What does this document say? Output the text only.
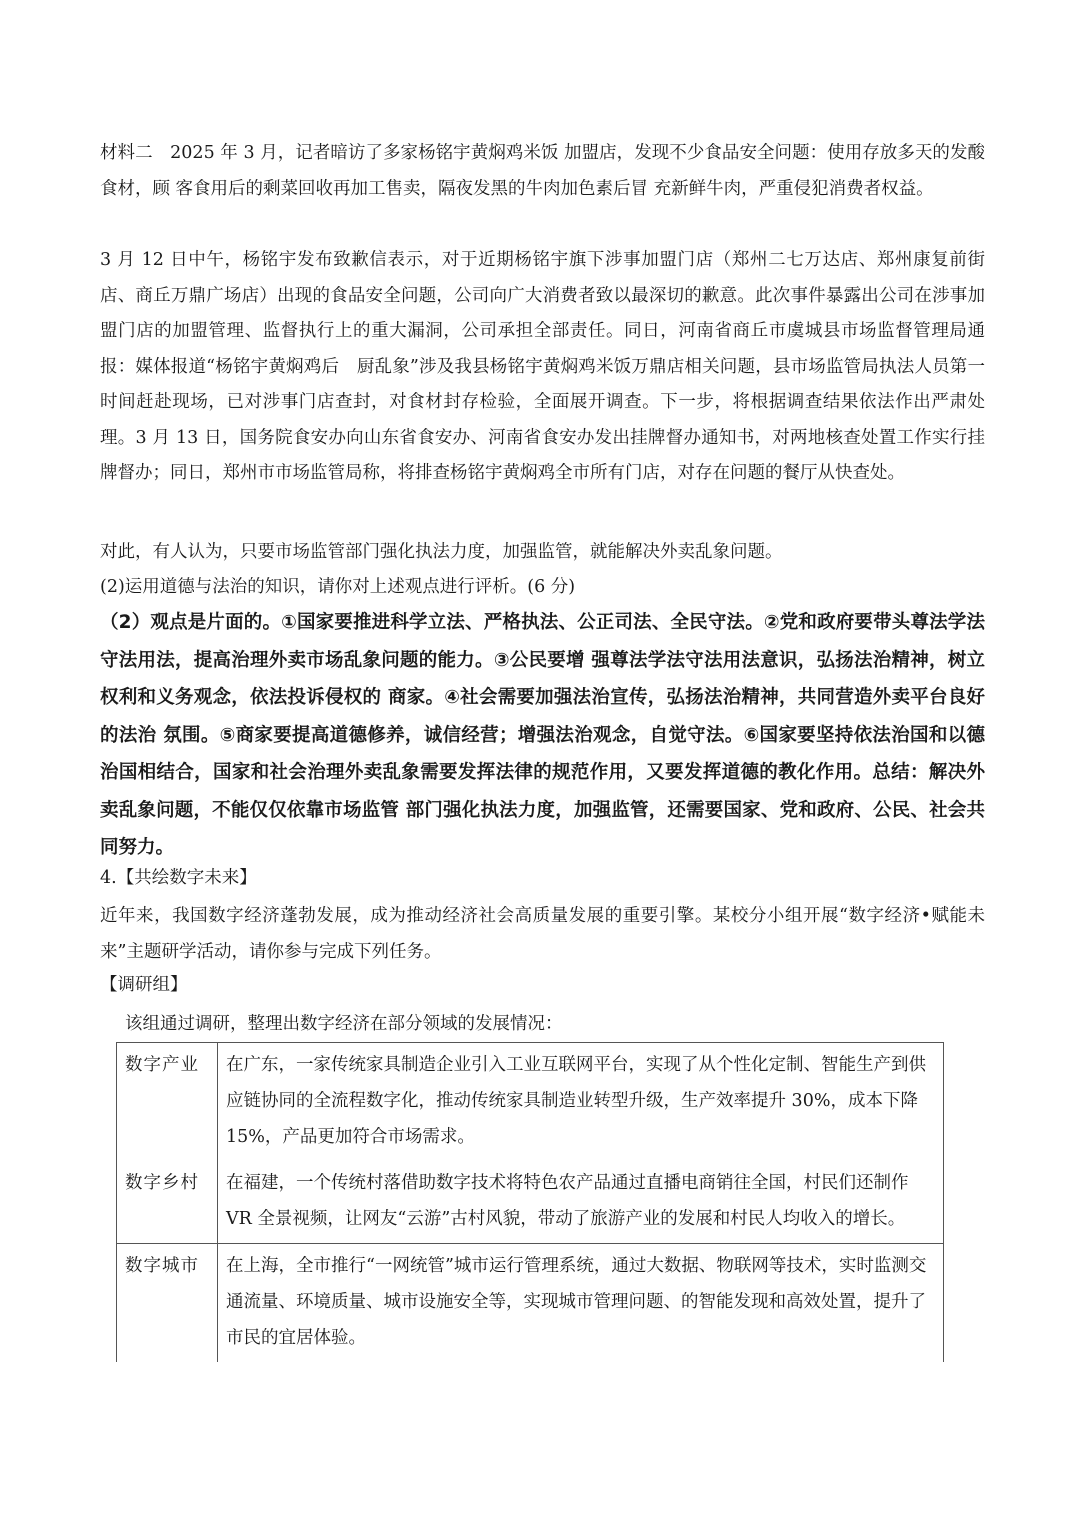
材料二　2025 年 3 月，记者暗访了多家杨铭宇黄焖鸡米饭 加盟店，发现不少食品安全问题：使用存放多天的发酸食材，顾 客食用后的剩菜回收再加工售卖，隔夜发黑的牛肉加色素后冒 充新鲜牛肉，严重侵犯消费者权益。

3 月 12 日中午，杨铭宇发布致歉信表示，对于近期杨铭宇旗下涉事加盟门店（郑州二七万达店、郑州康复前街店、商丘万鼎广场店）出现的食品安全问题，公司向广大消费者致以最深切的歉意。此次事件暴露出公司在涉事加盟门店的加盟管理、监督执行上的重大漏洞，公司承担全部责任。同日，河南省商丘市虞城县市场监督管理局通报：媒体报道“杨铭宇黄焖鸡后　厨乱象”涉及我县杨铭宇黄焖鸡米饭万鼎店相关问题，县市场监管局执法人员第一时间赶赴现场，已对涉事门店查封，对食材封存检验，全面展开调查。下一步，将根据调查结果依法作出严肃处理。3 月 13 日，国务院食安办向山东省食安办、河南省食安办发出挂牌督办通知书，对两地核查处置工作实行挂牌督办；同日，郑州市市场监管局称，将排查杨铭宇黄焖鸡全市所有门店，对存在问题的餐厅从快查处。

对此，有人认为，只要市场监管部门强化执法力度，加强监管，就能解决外卖乱象问题。

(2)运用道德与法治的知识，请你对上述观点进行评析。(6 分)

（2）观点是片面的。①国家要推进科学立法、严格执法、公正司法、全民守法。②党和政府要带头尊法学法守法用法，提高治理外卖市场乱象问题的能力。③公民要增 强尊法学法守法用法意识，弘扬法治精神，树立权利和义务观念，依法投诉侵权的 商家。④社会需要加强法治宣传，弘扬法治精神，共同营造外卖平台良好的法治 氛围。⑤商家要提高道德修养，诚信经营；增强法治观念，自觉守法。⑥国家要坚持依法治国和以德治国相结合，国家和社会治理外卖乱象需要发挥法律的规范作用，又要发挥道德的教化作用。总结：解决外卖乱象问题，不能仅仅依靠市场监管 部门强化执法力度，加强监管，还需要国家、党和政府、公民、社会共同努力。

4.【共绘数字未来】

近年来，我国数字经济蓬勃发展，成为推动经济社会高质量发展的重要引擎。某校分小组开展“数字经济•赋能未来”主题研学活动，请你参与完成下列任务。

【调研组】

该组通过调研，整理出数字经济在部分领域的发展情况：

数字产业	在广东，一家传统家具制造企业引入工业互联网平台，实现了从个性化定制、智能生产到供应链协同的全流程数字化，推动传统家具制造业转型升级，生产效率提升 30%，成本下降 15%，产品更加符合市场需求。
数字乡村	在福建，一个传统村落借助数字技术将特色农产品通过直播电商销往全国，村民们还制作 VR 全景视频，让网友“云游”古村风貌，带动了旅游产业的发展和村民人均收入的增长。
数字城市	在上海，全市推行“一网统管”城市运行管理系统，通过大数据、物联网等技术，实时监测交通流量、环境质量、城市设施安全等，实现城市管理问题、的智能发现和高效处置，提升了市民的宜居体验。
